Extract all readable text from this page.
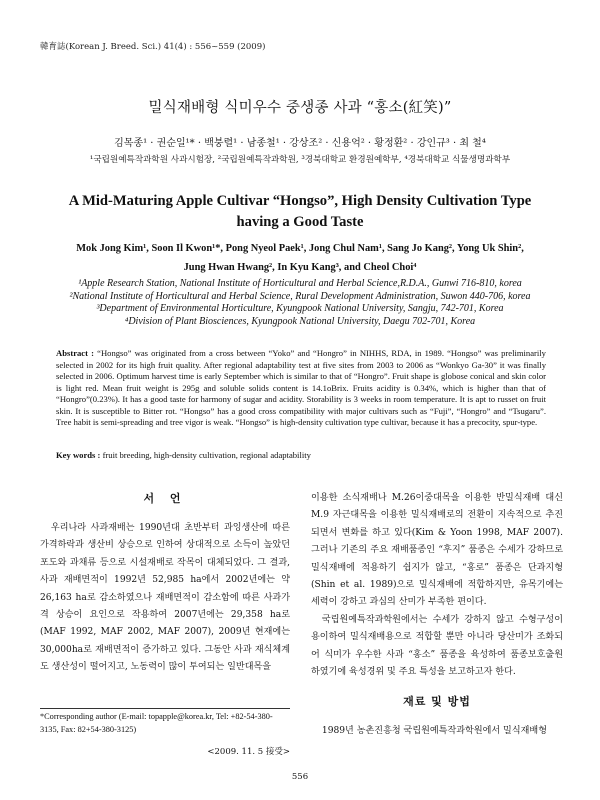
韓育誌(Korean J. Breed. Sci.) 41(4) : 556~559 (2009)
밀식재배형 식미우수 중생종 사과 “홍소(紅笑)”
김목종¹ · 권순일¹* · 백붕렬¹ · 남종철¹ · 강상조² · 신용억² · 황정환² · 강인규³ · 최 철⁴
¹국립원예특작과학원 사과시험장, ²국립원예특작과학원, ³경북대학교 환경원예학부, ⁴경북대학교 식물생명과학부
A Mid-Maturing Apple Cultivar “Hongso”, High Density Cultivation Type
having a Good Taste
Mok Jong Kim¹, Soon Il Kwon¹*, Pong Nyeol Paek¹, Jong Chul Nam¹, Sang Jo Kang², Yong Uk Shin²,
Jung Hwan Hwang², In Kyu Kang³, and Cheol Choi⁴
¹Apple Research Station, National Institute of Horticultural and Herbal Science,R.D.A., Gunwi 716-810, korea
²National Institute of Horticultural and Herbal Science, Rural Development Administration, Suwon 440-706, korea
³Department of Environmental Horticulture, Kyungpook National University, Sangju, 742-701, Korea
⁴Division of Plant Biosciences, Kyungpook National University, Daegu 702-701, Korea
Abstract : “Hongso” was originated from a cross between “Yoko” and “Hongro” in NIHHS, RDA, in 1989. “Hongso” was preliminarily selected in 2002 for its high fruit quality. After regional adaptability test at five sites from 2003 to 2006 as “Wonkyo Ga-30” it was finally selected in 2006. Optimum harvest time is early September which is similar to that of “Hongro”. Fruit shape is globose conical and skin color is light red. Mean fruit weight is 295g and soluble solids content is 14.1oBrix. Fruits acidity is 0.34%, which is higher than that of “Hongro”(0.23%). It has a good taste for harmony of sugar and acidity. Storability is 3 weeks in room temperature. It is apt to russet on fruit skin. It is susceptible to Bitter rot. “Hongso” has a good cross compatibility with major cultivars such as “Fuji”, “Hongro” and “Tsugaru”. Tree habit is semi-spreading and tree vigor is weak. “Hongso” is high-density cultivation type cultivar, because it has a precocity, spur-type.
Key words : fruit breeding, high-density cultivation, regional adaptability
서 언

우리나라 사과재배는 1990년대 초반부터 과잉생산에 따른 가격하락과 생산비 상승으로 인하여 상대적으로 소득이 높았던 포도와 과채류 등으로 시설재배로 작목이 대체되었다. 그 결과, 사과 재배면적이 1992년 52,985 ha에서 2002년에는 약 26,163 ha로 감소하였으나 재배면적이 감소함에 따른 사과가격 상승이 요인으로 작용하여 2007년에는 29,358 ha로 (MAF 1992, MAF 2002, MAF 2007), 2009년 현재에는 30,000ha로 재배면적이 증가하고 있다. 그동안 사과 재식체계도 생산성이 떨어지고, 노동력이 많이 투여되는 일반대목을

이용한 소식재배나 M.26이중대목을 이용한 반밀식재배 대신 M.9 자근대목을 이용한 밀식재배로의 전환이 지속적으로 추진되면서 변화를 하고 있다(Kim & Yoon 1998, MAF 2007). 그러나 기존의 주요 재배품종인 “후지” 품종은 수세가 강하므로 밀식재배에 적용하기 쉽지가 않고, “홍로” 품종은 단과지형(Shin et al. 1989)으로 밀식재배에 적합하지만, 유목기에는 세력이 강하고 과심의 산미가 부족한 편이다.

국립원예특작과학원에서는 수세가 강하지 않고 수형구성이 용이하여 밀식재배용으로 적합할 뿐만 아니라 당산미가 조화되어 식미가 우수한 사과 “홍소” 품종을 육성하여 품종보호출원 하였기에 육성경위 및 주요 특성을 보고하고자 한다.

재료 및 방법

1989년 농촌진흥청 국립원예특작과학원에서 밀식재배형

*Corresponding author (E-mail: topapple@korea.kr, Tel: +82-54-380-3135, Fax: 82+54-380-3125)
<2009. 11. 5 接受>
556
